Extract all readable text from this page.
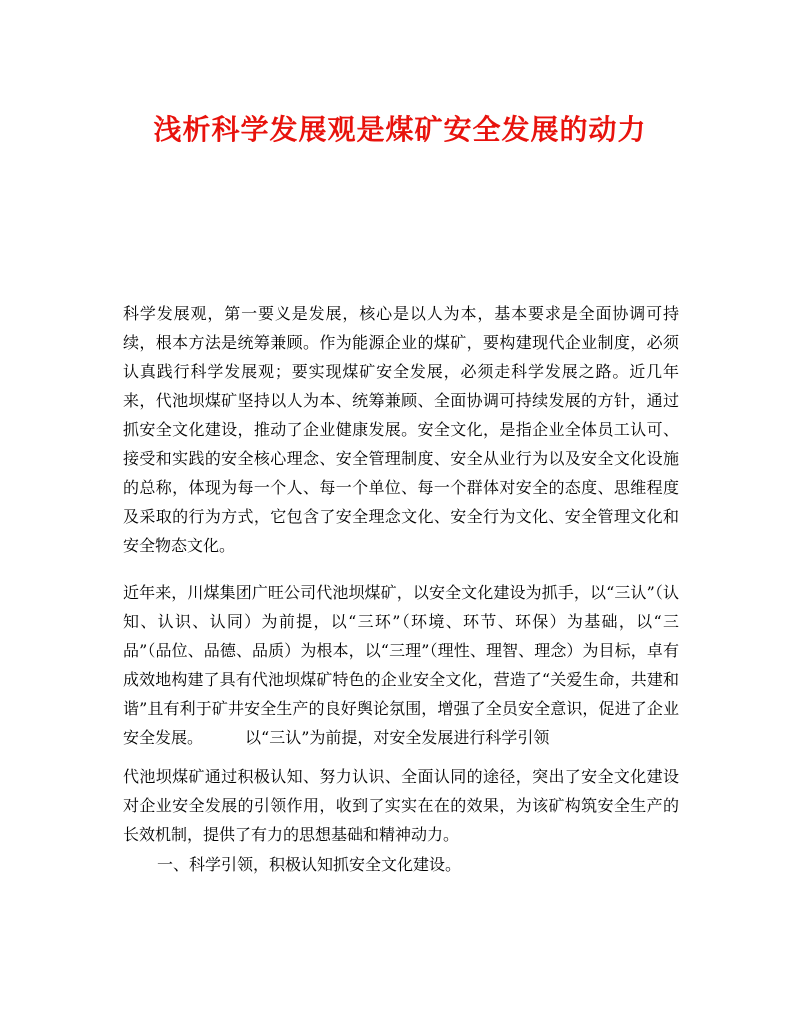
浅析科学发展观是煤矿安全发展的动力

科学发展观，第一要义是发展，核心是以人为本，基本要求是全面协调可持续，根本方法是统筹兼顾。作为能源企业的煤矿，要构建现代企业制度，必须认真践行科学发展观；要实现煤矿安全发展，必须走科学发展之路。近几年来，代池坝煤矿坚持以人为本、统筹兼顾、全面协调可持续发展的方针，通过抓安全文化建设，推动了企业健康发展。安全文化，是指企业全体员工认可、接受和实践的安全核心理念、安全管理制度、安全从业行为以及安全文化设施的总称，体现为每一个人、每一个单位、每一个群体对安全的态度、思维程度及采取的行为方式，它包含了安全理念文化、安全行为文化、安全管理文化和安全物态文化。

近年来，川煤集团广旺公司代池坝煤矿，以安全文化建设为抓手，以“三认”（认知、认识、认同）为前提，以“三环”（环境、环节、环保）为基础，以“三品”（品位、品德、品质）为根本，以“三理”（理性、理智、理念）为目标，卓有成效地构建了具有代池坝煤矿特色的企业安全文化，营造了“关爱生命，共建和谐”且有利于矿井安全生产的良好舆论氛围，增强了全员安全意识，促进了企业安全发展。	以“三认”为前提，对安全发展进行科学引领

代池坝煤矿通过积极认知、努力认识、全面认同的途径，突出了安全文化建设对企业安全发展的引领作用，收到了实实在在的效果，为该矿构筑安全生产的长效机制，提供了有力的思想基础和精神动力。

一、科学引领，积极认知抓安全文化建设。
